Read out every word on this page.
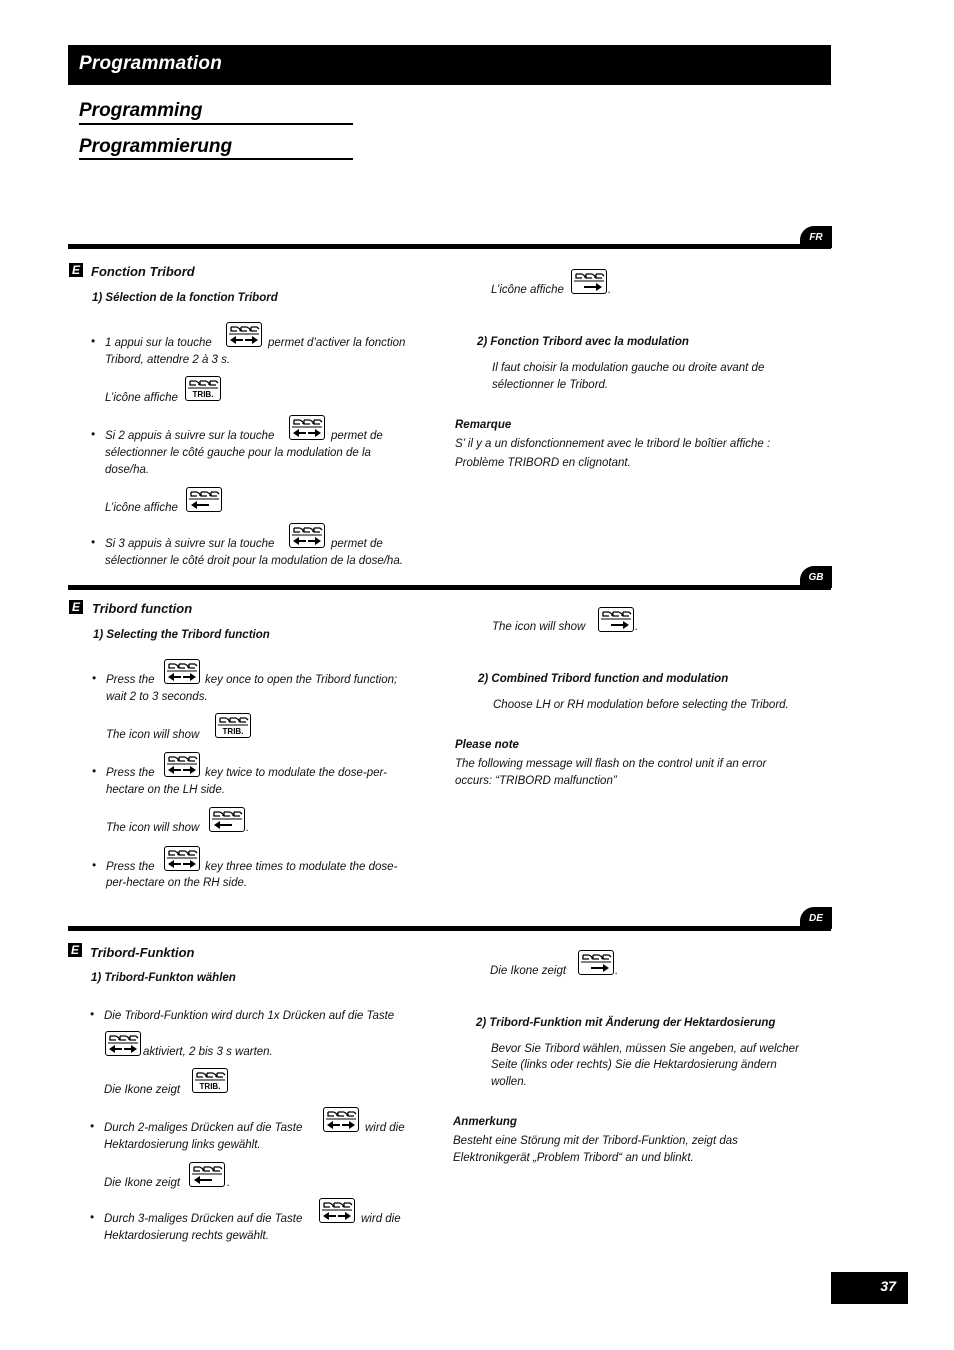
Programmation
Programming
Programmierung
FR
E Fonction Tribord
1) Sélection de la fonction Tribord
• 1 appui sur la touche	permet d’activer la fonction
Tribord, attendre 2 à 3 s.
L’icône affiche TRIB.
• Si 2 appuis à suivre sur la touche	permet de
sélectionner le côté gauche pour la modulation de la
dose/ha.
L’icône affiche
• Si 3 appuis à suivre sur la touche	permet de
sélectionner le côté droit pour la modulation de la dose/ha.
L’icône affiche	.
2) Fonction Tribord avec la modulation
Il faut choisir la modulation gauche ou droite avant de
sélectionner le Tribord.
Remarque
S’ il y a un disfonctionnement avec le tribord le boîtier affiche :
Problème TRIBORD en clignotant.
GB
E Tribord function
1) Selecting the Tribord function
• Press the	key once to open the Tribord function;
wait 2 to 3 seconds.
The icon will show	TRIB.
• Press the	key twice to modulate the dose-per-
hectare on the LH side.
The icon will show	.
• Press the	key three times to modulate the dose-
per-hectare on the RH side.
The icon will show	.
2) Combined Tribord function and modulation
Choose LH or RH modulation before selecting the Tribord.
Please note
The following message will flash on the control unit if an error
occurs: “TRIBORD malfunction”
DE
E Tribord-Funktion
1) Tribord-Funkton wählen
• Die Tribord-Funktion wird durch 1x Drücken auf die Taste
aktiviert, 2 bis 3 s warten.
Die Ikone zeigt TRIB.
• Durch 2-maliges Drücken auf die Taste	wird die
Hektardosierung links gewählt.
Die Ikone zeigt	.
• Durch 3-maliges Drücken auf die Taste	wird die
Hektardosierung rechts gewählt.
Die Ikone zeigt	.
2) Tribord-Funktion mit Änderung der Hektardosierung
Bevor Sie Tribord wählen, müssen Sie angeben, auf welcher
Seite (links oder rechts) Sie die Hektardosierung ändern
wollen.
Anmerkung
Besteht eine Störung mit der Tribord-Funktion, zeigt das
Elektronikgerät „Problem Tribord“ an und blinkt.
37
